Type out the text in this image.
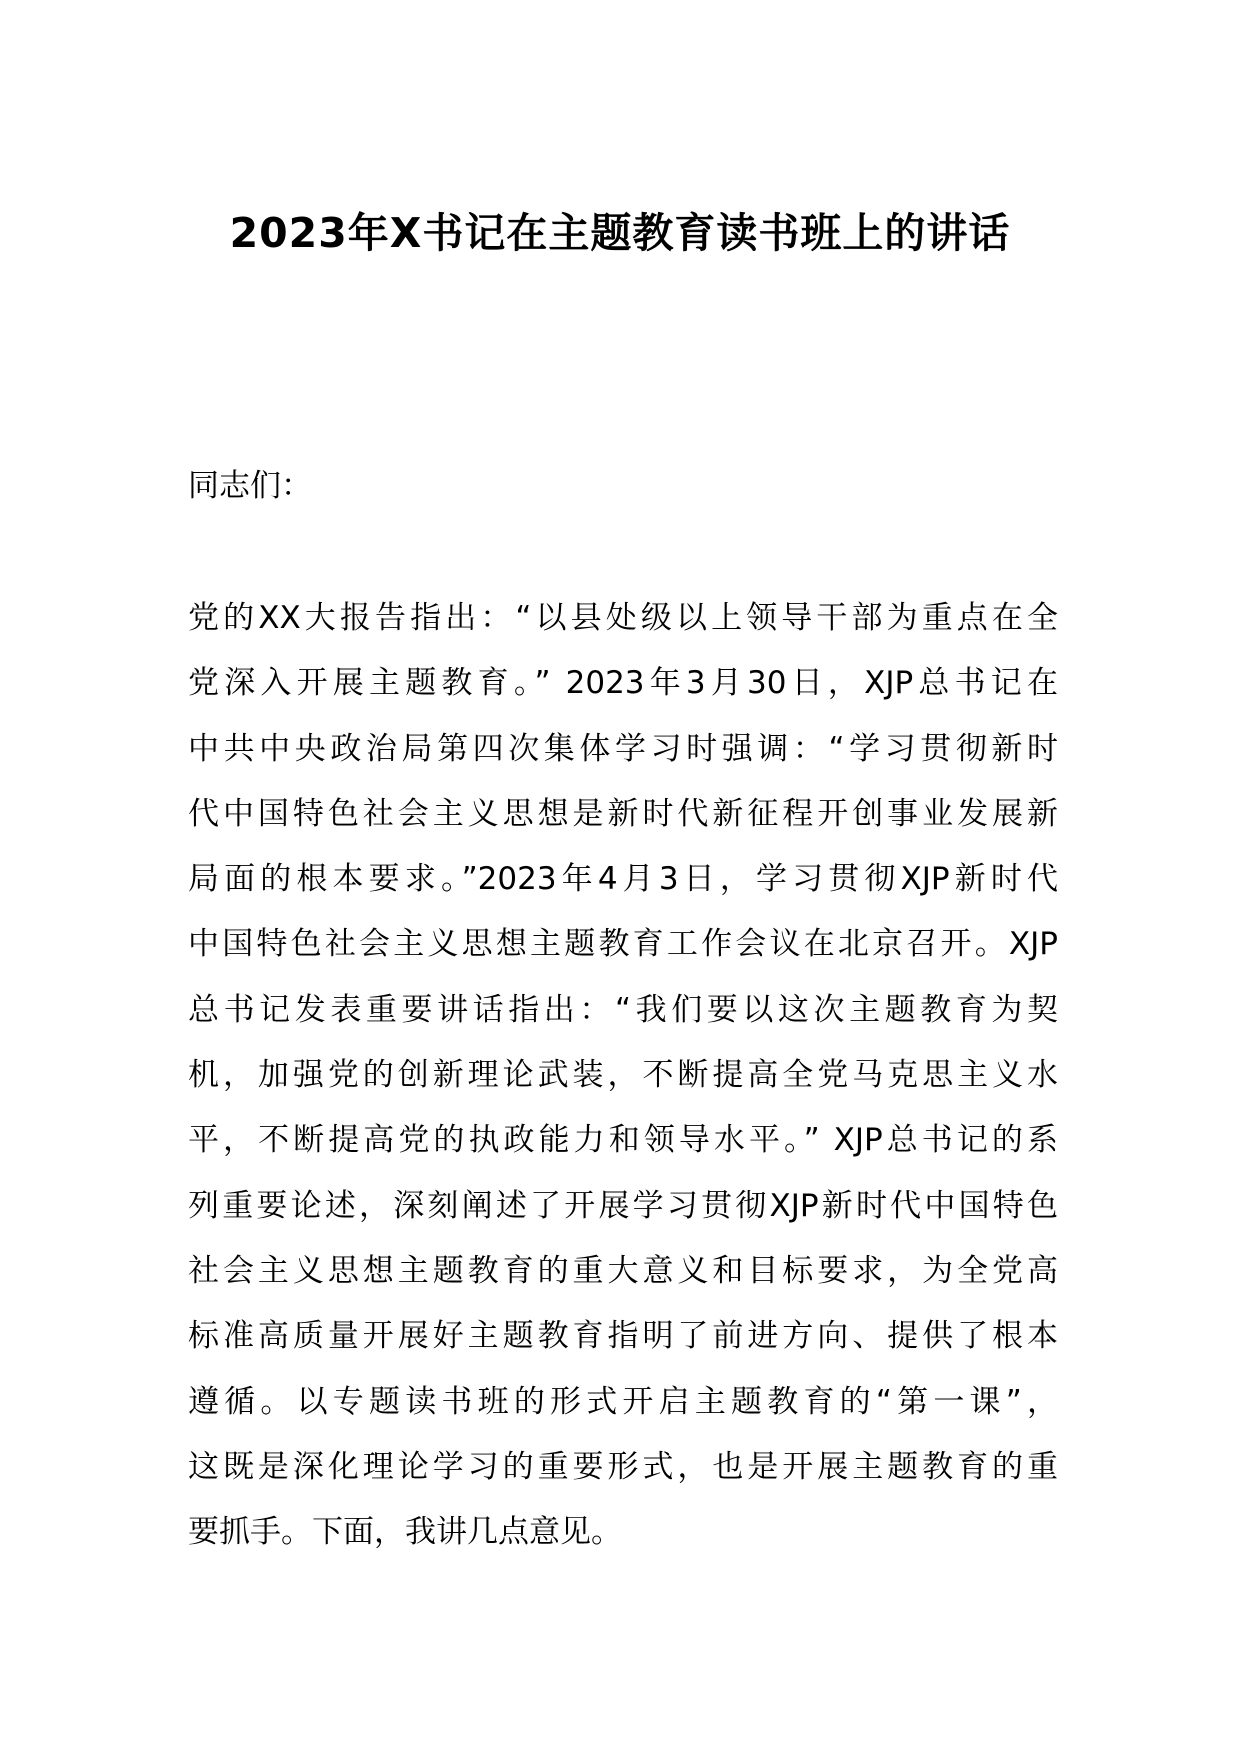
2023年X书记在主题教育读书班上的讲话

同志们：

党的XX大报告指出：“以县处级以上领导干部为重点在全
党深入开展主题教育。” 2023年3月30日，XJP总书记在
中共中央政治局第四次集体学习时强调：“学习贯彻新时
代中国特色社会主义思想是新时代新征程开创事业发展新
局面的根本要求。”2023年4月3日，学习贯彻XJP新时代
中国特色社会主义思想主题教育工作会议在北京召开。XJP
总书记发表重要讲话指出：“我们要以这次主题教育为契
机，加强党的创新理论武装，不断提高全党马克思主义水
平，不断提高党的执政能力和领导水平。” XJP总书记的系
列重要论述，深刻阐述了开展学习贯彻XJP新时代中国特色
社会主义思想主题教育的重大意义和目标要求，为全党高
标准高质量开展好主题教育指明了前进方向、提供了根本
遵循。以专题读书班的形式开启主题教育的“第一课”，
这既是深化理论学习的重要形式，也是开展主题教育的重
要抓手。下面，我讲几点意见。
